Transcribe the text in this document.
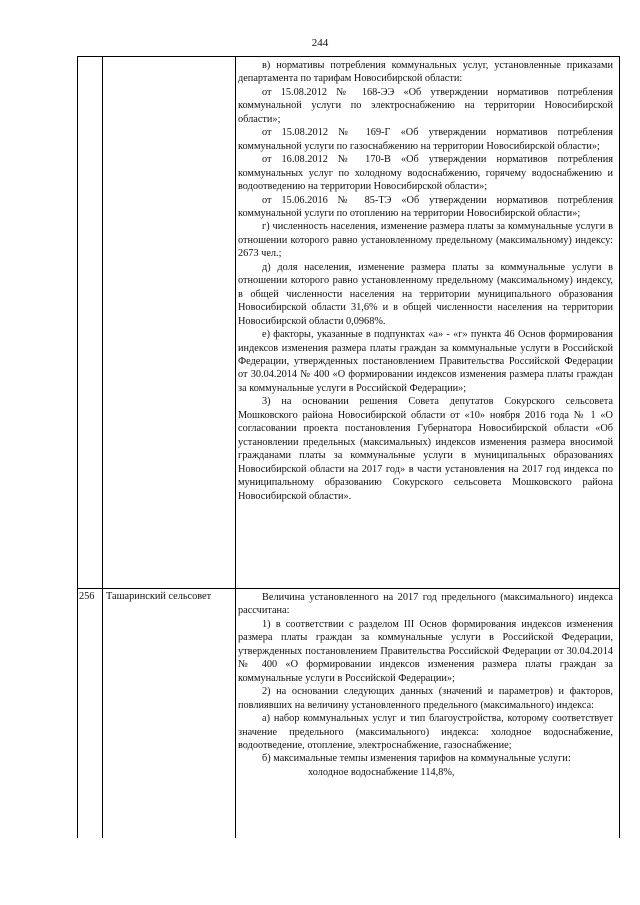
244

в) нормативы потребления коммунальных услуг, установленные приказами департамента по тарифам Новосибирской области:

от 15.08.2012 № 168-ЭЭ «Об утверждении нормативов потребления коммунальной услуги по электроснабжению на территории Новосибирской области»;

от 15.08.2012 № 169-Г «Об утверждении нормативов потребления коммунальной услуги по газоснабжению на территории Новосибирской области»;

от 16.08.2012 № 170-В «Об утверждении нормативов потребления коммунальных услуг по холодному водоснабжению, горячему водоснабжению и водоотведению на территории Новосибирской области»;

от 15.06.2016 № 85-ТЭ «Об утверждении нормативов потребления коммунальной услуги по отоплению на территории Новосибирской области»;

г) численность населения, изменение размера платы за коммунальные услуги в отношении которого равно установленному предельному (максимальному) индексу: 2673 чел.;

д) доля населения, изменение размера платы за коммунальные услуги в отношении которого равно установленному предельному (максимальному) индексу, в общей численности населения на территории муниципального образования Новосибирской области 31,6% и в общей численности населения на территории Новосибирской области 0,0968%.

е) факторы, указанные в подпунктах «а» - «г» пункта 46 Основ формирования индексов изменения размера платы граждан за коммунальные услуги в Российской Федерации, утвержденных постановлением Правительства Российской Федерации от 30.04.2014 № 400 «О формировании индексов изменения размера платы граждан за коммунальные услуги в Российской Федерации»;

3) на основании решения Совета депутатов Сокурского сельсовета Мошковского района Новосибирской области от «10» ноября 2016 года № 1 «О согласовании проекта постановления Губернатора Новосибирской области «Об установлении предельных (максимальных) индексов изменения размера вносимой гражданами платы за коммунальные услуги в муниципальных образованиях Новосибирской области на 2017 год» в части установления на 2017 год индекса по муниципальному образованию Сокурского сельсовета Мошковского района Новосибирской области».

256	Ташаринский сельсовет	Величина установленного на 2017 год предельного (максимального) индекса рассчитана:

1) в соответствии с разделом III Основ формирования индексов изменения размера платы граждан за коммунальные услуги в Российской Федерации, утвержденных постановлением Правительства Российской Федерации от 30.04.2014 № 400 «О формировании индексов изменения размера платы граждан за коммунальные услуги в Российской Федерации»;

2) на основании следующих данных (значений и параметров) и факторов, повлиявших на величину установленного предельного (максимального) индекса:

а) набор коммунальных услуг и тип благоустройства, которому соответствует значение предельного (максимального) индекса: холодное водоснабжение, водоотведение, отопление, электроснабжение, газоснабжение;

б) максимальные темпы изменения тарифов на коммунальные услуги:

холодное водоснабжение 114,8%,
